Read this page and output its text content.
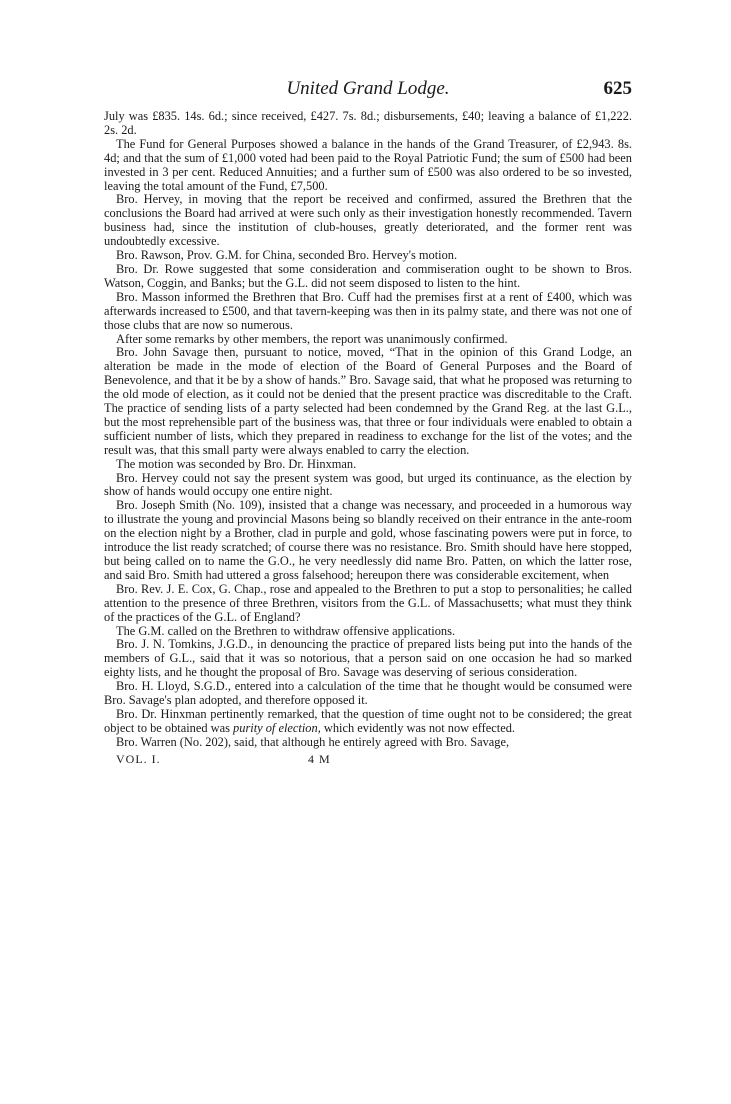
United Grand Lodge.	625

July was £835. 14s. 6d.; since received, £427. 7s. 8d.; disbursements, £40; leaving a balance of £1,222. 2s. 2d.

The Fund for General Purposes showed a balance in the hands of the Grand Treasurer, of £2,943. 8s. 4d; and that the sum of £1,000 voted had been paid to the Royal Patriotic Fund; the sum of £500 had been invested in 3 per cent. Reduced Annuities; and a further sum of £500 was also ordered to be so invested, leaving the total amount of the Fund, £7,500.

Bro. Hervey, in moving that the report be received and confirmed, assured the Brethren that the conclusions the Board had arrived at were such only as their investigation honestly recommended. Tavern business had, since the institution of club-houses, greatly deteriorated, and the former rent was undoubtedly excessive.

Bro. Rawson, Prov. G.M. for China, seconded Bro. Hervey's motion.

Bro. Dr. Rowe suggested that some consideration and commiseration ought to be shown to Bros. Watson, Coggin, and Banks; but the G.L. did not seem disposed to listen to the hint.

Bro. Masson informed the Brethren that Bro. Cuff had the premises first at a rent of £400, which was afterwards increased to £500, and that tavern-keeping was then in its palmy state, and there was not one of those clubs that are now so numerous.

After some remarks by other members, the report was unanimously confirmed.

Bro. John Savage then, pursuant to notice, moved, “That in the opinion of this Grand Lodge, an alteration be made in the mode of election of the Board of General Purposes and the Board of Benevolence, and that it be by a show of hands.” Bro. Savage said, that what he proposed was returning to the old mode of election, as it could not be denied that the present practice was discreditable to the Craft. The practice of sending lists of a party selected had been condemned by the Grand Reg. at the last G.L., but the most reprehensible part of the business was, that three or four individuals were enabled to obtain a sufficient number of lists, which they prepared in readiness to exchange for the list of the votes; and the result was, that this small party were always enabled to carry the election.

The motion was seconded by Bro. Dr. Hinxman.

Bro. Hervey could not say the present system was good, but urged its continuance, as the election by show of hands would occupy one entire night.

Bro. Joseph Smith (No. 109), insisted that a change was necessary, and proceeded in a humorous way to illustrate the young and provincial Masons being so blandly received on their entrance in the ante-room on the election night by a Brother, clad in purple and gold, whose fascinating powers were put in force, to introduce the list ready scratched; of course there was no resistance. Bro. Smith should have here stopped, but being called on to name the G.O., he very needlessly did name Bro. Patten, on which the latter rose, and said Bro. Smith had uttered a gross falsehood; hereupon there was considerable excitement, when

Bro. Rev. J. E. Cox, G. Chap., rose and appealed to the Brethren to put a stop to personalities; he called attention to the presence of three Brethren, visitors from the G.L. of Massachusetts; what must they think of the practices of the G.L. of England?

The G.M. called on the Brethren to withdraw offensive applications.

Bro. J. N. Tomkins, J.G.D., in denouncing the practice of prepared lists being put into the hands of the members of G.L., said that it was so notorious, that a person said on one occasion he had so marked eighty lists, and he thought the proposal of Bro. Savage was deserving of serious consideration.

Bro. H. Lloyd, S.G.D., entered into a calculation of the time that he thought would be consumed were Bro. Savage's plan adopted, and therefore opposed it.

Bro. Dr. Hinxman pertinently remarked, that the question of time ought not to be considered; the great object to be obtained was purity of election, which evidently was not now effected.

Bro. Warren (No. 202), said, that although he entirely agreed with Bro. Savage,

VOL. I.	4 M
